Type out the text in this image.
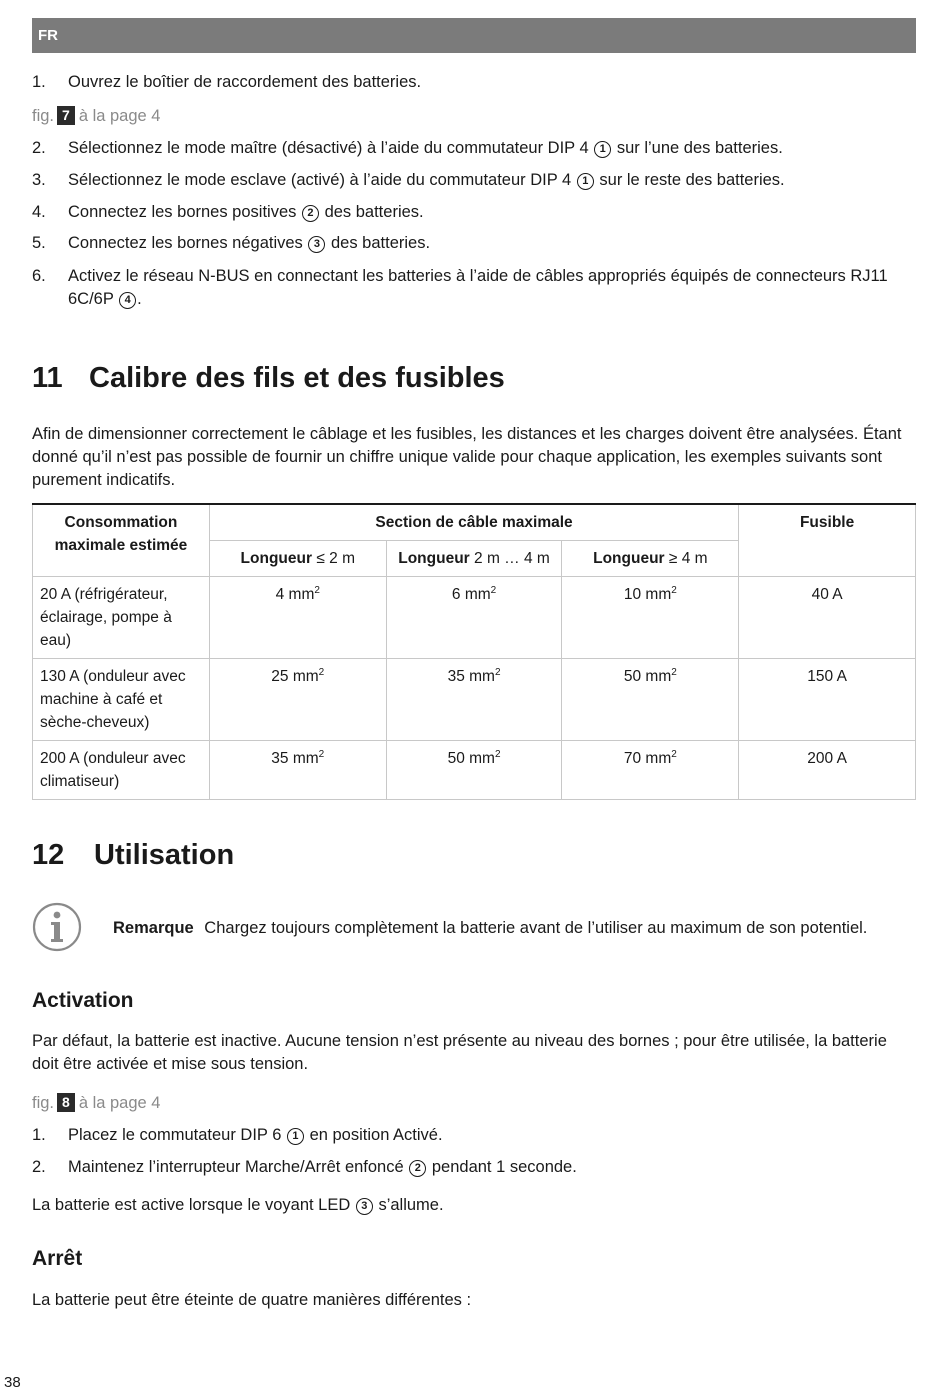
FR
1. Ouvrez le boîtier de raccordement des batteries.
fig. 7 à la page 4
2. Sélectionnez le mode maître (désactivé) à l’aide du commutateur DIP 4 1 sur l’une des batteries.
3. Sélectionnez le mode esclave (activé) à l’aide du commutateur DIP 4 1 sur le reste des batteries.
4. Connectez les bornes positives 2 des batteries.
5. Connectez les bornes négatives 3 des batteries.
6. Activez le réseau N-BUS en connectant les batteries à l’aide de câbles appropriés équipés de connecteurs RJ11 6C/6P 4 .
11 Calibre des fils et des fusibles
Afin de dimensionner correctement le câblage et les fusibles, les distances et les charges doivent être analysées. Étant donné qu’il n’est pas possible de fournir un chiffre unique valide pour chaque application, les exemples suivants sont purement indicatifs.
Consommation maximale estimée	Section de câble maximale			Fusible
	Longueur ≤ 2 m	Longueur 2 m … 4 m	Longueur ≥ 4 m	
20 A (réfrigérateur, éclairage, pompe à eau)	4 $mm^2$	6 $mm^2$	10 $mm^2$	40 A
130 A (onduleur avec machine à café et sèche-cheveux)	25 $mm^2$	35 $mm^2$	50 $mm^2$	150 A
200 A (onduleur avec climatiseur)	35 $mm^2$	50 $mm^2$	70 $mm^2$	200 A
12 Utilisation
Remarque Chargez toujours complètement la batterie avant de l’utiliser au maximum de son potentiel.
Activation
Par défaut, la batterie est inactive. Aucune tension n’est présente au niveau des bornes ; pour être utilisée, la batterie doit être activée et mise sous tension.
fig. 8 à la page 4
1. Placez le commutateur DIP 6 1 en position Activé.
2. Maintenez l’interrupteur Marche/Arrêt enfoncé 2 pendant 1 seconde.
La batterie est active lorsque le voyant LED 3 s’allume.
Arrêt
La batterie peut être éteinte de quatre manières différentes :
38
